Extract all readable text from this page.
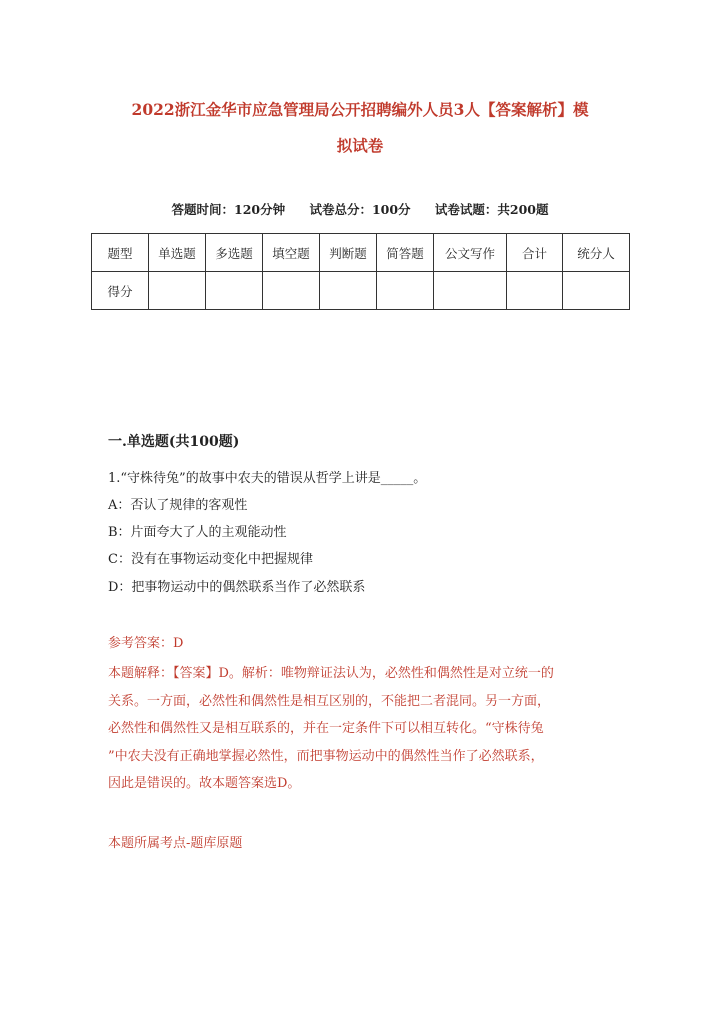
2022浙江金华市应急管理局公开招聘编外人员3人【答案解析】模
拟试卷
答题时间：120分钟 试卷总分：100分 试卷试题：共200题
题型	单选题	多选题	填空题	判断题	简答题	公文写作	合计	统分人
得分								
一.单选题(共100题)
1.“守株待兔”的故事中农夫的错误从哲学上讲是_____。
A：否认了规律的客观性
B：片面夸大了人的主观能动性
C：没有在事物运动变化中把握规律
D：把事物运动中的偶然联系当作了必然联系
参考答案：D

本题解释：【答案】D。解析：唯物辩证法认为，必然性和偶然性是对立统一的

关系。一方面，必然性和偶然性是相互区别的，不能把二者混同。另一方面，

必然性和偶然性又是相互联系的，并在一定条件下可以相互转化。“守株待兔

”中农夫没有正确地掌握必然性，而把事物运动中的偶然性当作了必然联系，

因此是错误的。故本题答案选D。

本题所属考点-题库原题
